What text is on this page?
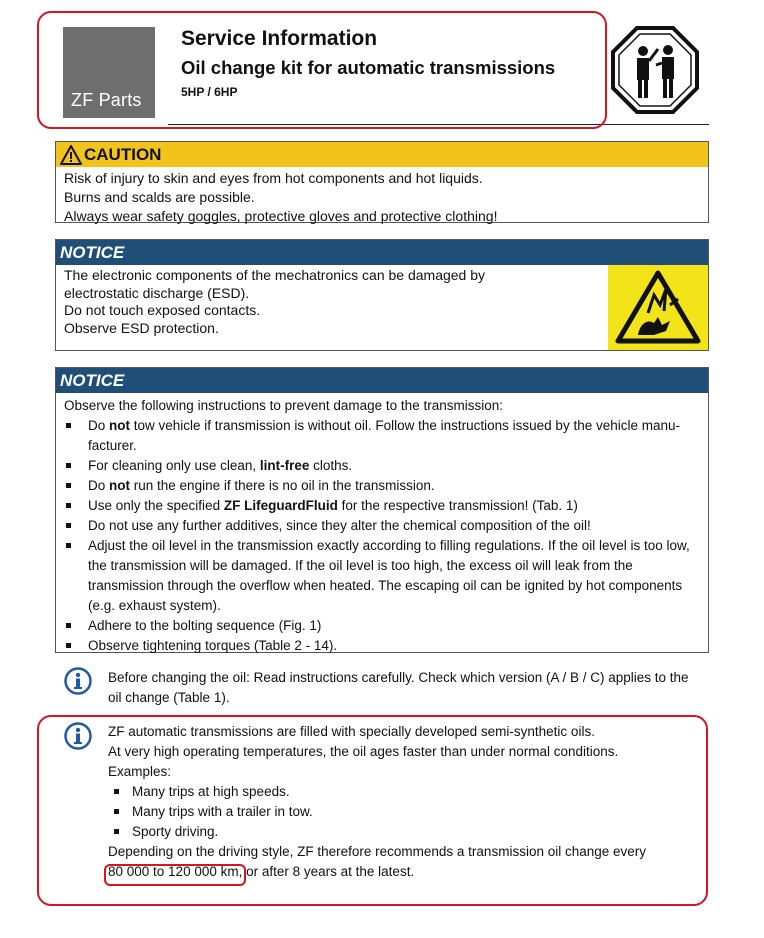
ZF Parts
Service Information
Oil change kit for automatic transmissions
5HP / 6HP
CAUTION
Risk of injury to skin and eyes from hot components and hot liquids.
Burns and scalds are possible.
Always wear safety goggles, protective gloves and protective clothing!
NOTICE
The electronic components of the mechatronics can be damaged by
electrostatic discharge (ESD).
Do not touch exposed contacts.
Observe ESD protection.
NOTICE
Observe the following instructions to prevent damage to the transmission:
Do not tow vehicle if transmission is without oil. Follow the instructions issued by the vehicle manu-facturer.
For cleaning only use clean, lint-free cloths.
Do not run the engine if there is no oil in the transmission.
Use only the specified ZF LifeguardFluid for the respective transmission! (Tab. 1)
Do not use any further additives, since they alter the chemical composition of the oil!
Adjust the oil level in the transmission exactly according to filling regulations. If the oil level is too low, the transmission will be damaged. If the oil level is too high, the excess oil will leak from the transmission through the overflow when heated. The escaping oil can be ignited by hot components (e.g. exhaust system).
Adhere to the bolting sequence (Fig. 1)
Observe tightening torques (Table 2 - 14).
Before changing the oil: Read instructions carefully. Check which version (A / B / C) applies to the oil change (Table 1).
ZF automatic transmissions are filled with specially developed semi-synthetic oils.
At very high operating temperatures, the oil ages faster than under normal conditions.
Examples:
Many trips at high speeds.
Many trips with a trailer in tow.
Sporty driving.
Depending on the driving style, ZF therefore recommends a transmission oil change every
80 000 to 120 000 km, or after 8 years at the latest.
